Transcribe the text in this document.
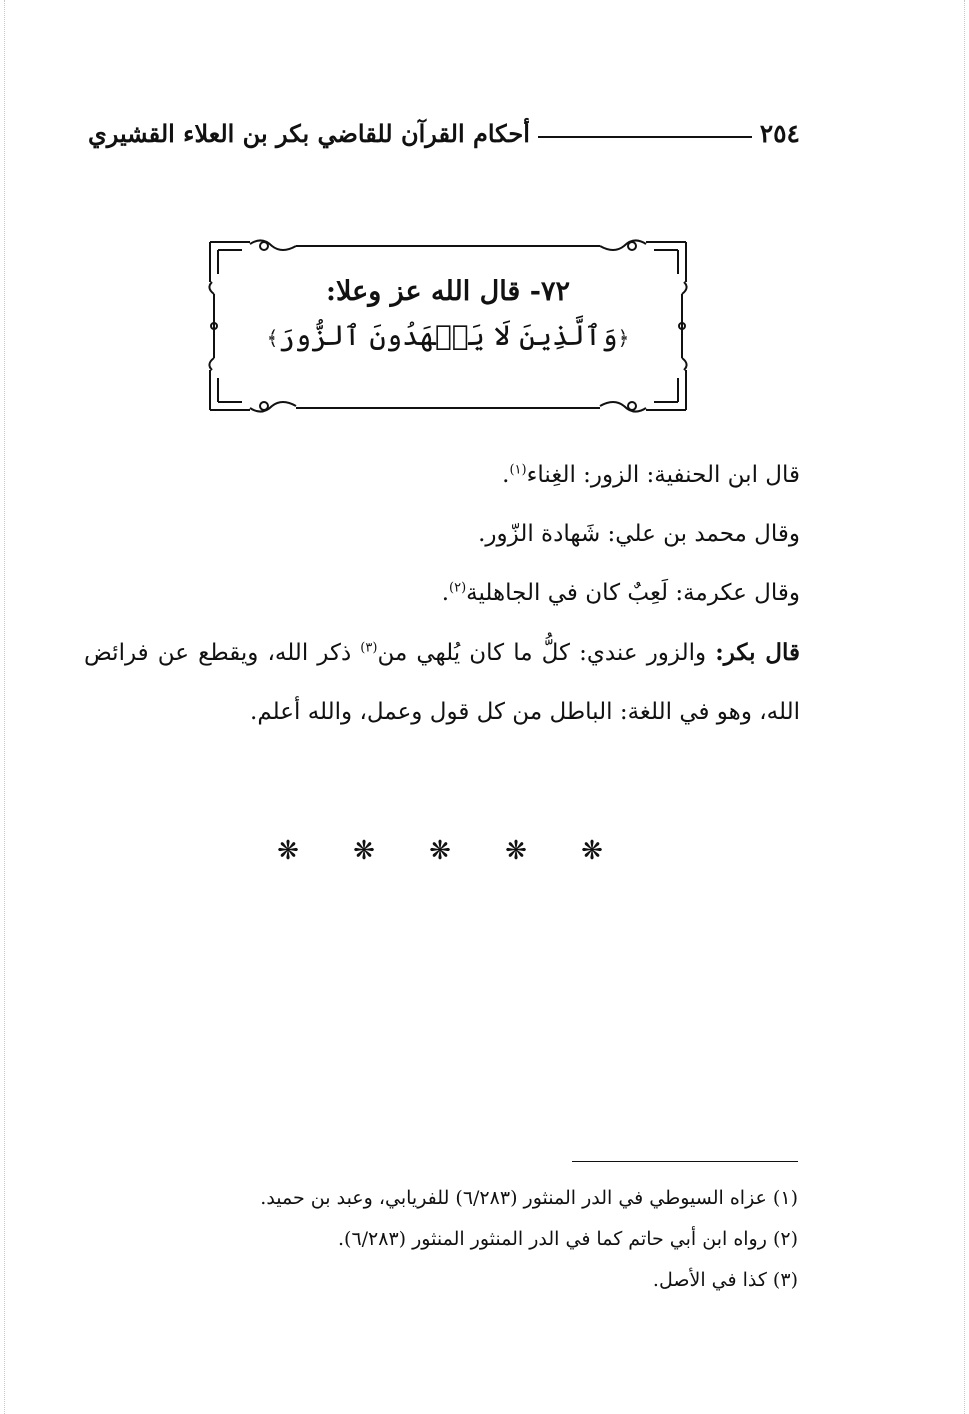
٢٥٤
أحكام القرآن للقاضي بكر بن العلاء القشيري
٧٢- قال الله عز وعلا:
﴿وَٱلَّذِينَ لَا يَشۡهَدُونَ ٱلزُّورَ﴾
قال ابن الحنفية: الزور: الغِناء$^{(١)}$.
وقال محمد بن علي: شَهادة الزّور.
وقال عكرمة: لَعِبٌ كان في الجاهلية$^{(٢)}$.
قال بكر: والزور عندي: كلُّ ما كان يُلهي من$^{(٣)}$ ذكر الله، ويقطع عن فرائض الله، وهو في اللغة: الباطل من كل قول وعمل، والله أعلم.
❋
❋
❋
❋
❋
(١) عزاه السيوطي في الدر المنثور (٦/٢٨٣) للفريابي، وعبد بن حميد.
(٢) رواه ابن أبي حاتم كما في الدر المنثور المنثور (٦/٢٨٣).
(٣) كذا في الأصل.
